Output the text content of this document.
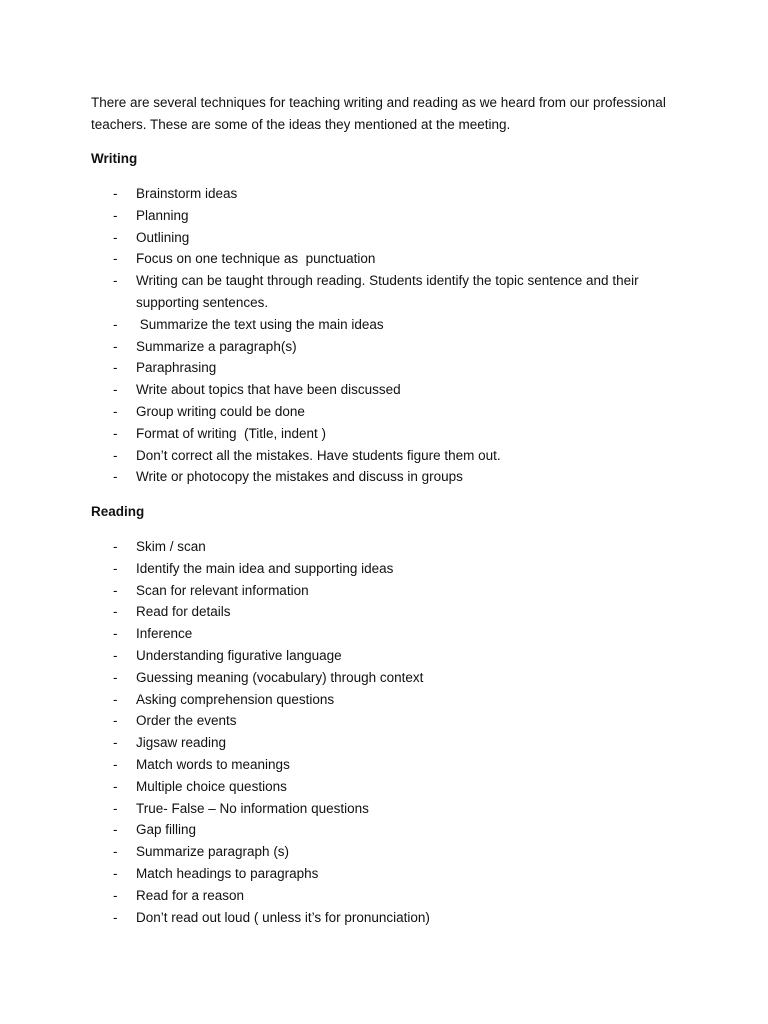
There are several techniques for teaching writing and reading as we heard from our professional teachers. These are some of the ideas they mentioned at the meeting.

Writing
- Brainstorm ideas
- Planning
- Outlining
- Focus on one technique as  punctuation
- Writing can be taught through reading. Students identify the topic sentence and their supporting sentences.
- Summarize the text using the main ideas
- Summarize a paragraph(s)
- Paraphrasing
- Write about topics that have been discussed
- Group writing could be done
- Format of writing  (Title, indent )
- Don’t correct all the mistakes. Have students figure them out.
- Write or photocopy the mistakes and discuss in groups
Reading
- Skim / scan
- Identify the main idea and supporting ideas
- Scan for relevant information
- Read for details
- Inference
- Understanding figurative language
- Guessing meaning (vocabulary) through context
- Asking comprehension questions
- Order the events
- Jigsaw reading
- Match words to meanings
- Multiple choice questions
- True- False – No information questions
- Gap filling
- Summarize paragraph (s)
- Match headings to paragraphs
- Read for a reason
- Don’t read out loud ( unless it’s for pronunciation)
